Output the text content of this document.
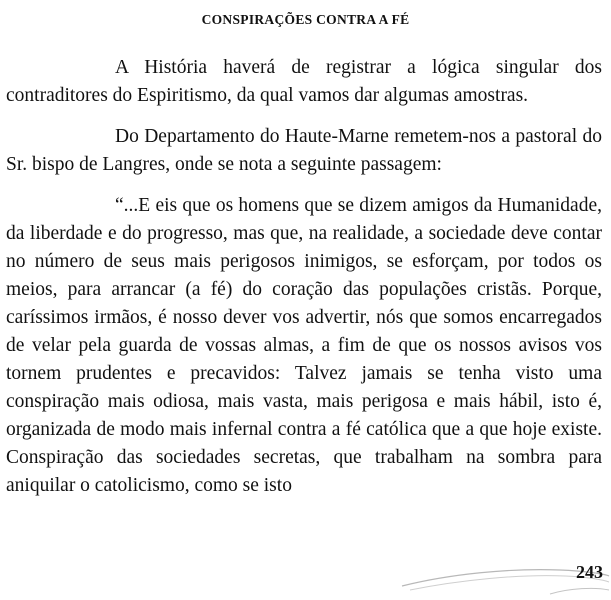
CONSPIRAÇÕES CONTRA A FÉ

A História haverá de registrar a lógica singular dos contraditores do Espiritismo, da qual vamos dar algumas amostras.

Do Departamento do Haute-Marne remetem-nos a pastoral do Sr. bispo de Langres, onde se nota a seguinte passagem:

“...E eis que os homens que se dizem amigos da Humanidade, da liberdade e do progresso, mas que, na realidade, a sociedade deve contar no número de seus mais perigosos inimigos, se esforçam, por todos os meios, para arrancar (a fé) do coração das populações cristãs. Porque, caríssimos irmãos, é nosso dever vos advertir, nós que somos encarregados de velar pela guarda de vossas almas, a fim de que os nossos avisos vos tornem prudentes e precavidos: Talvez jamais se tenha visto uma conspiração mais odiosa, mais vasta, mais perigosa e mais hábil, isto é, organizada de modo mais infernal contra a fé católica que a que hoje existe. Conspiração das sociedades secretas, que trabalham na sombra para aniquilar o catolicismo, como se isto

243
